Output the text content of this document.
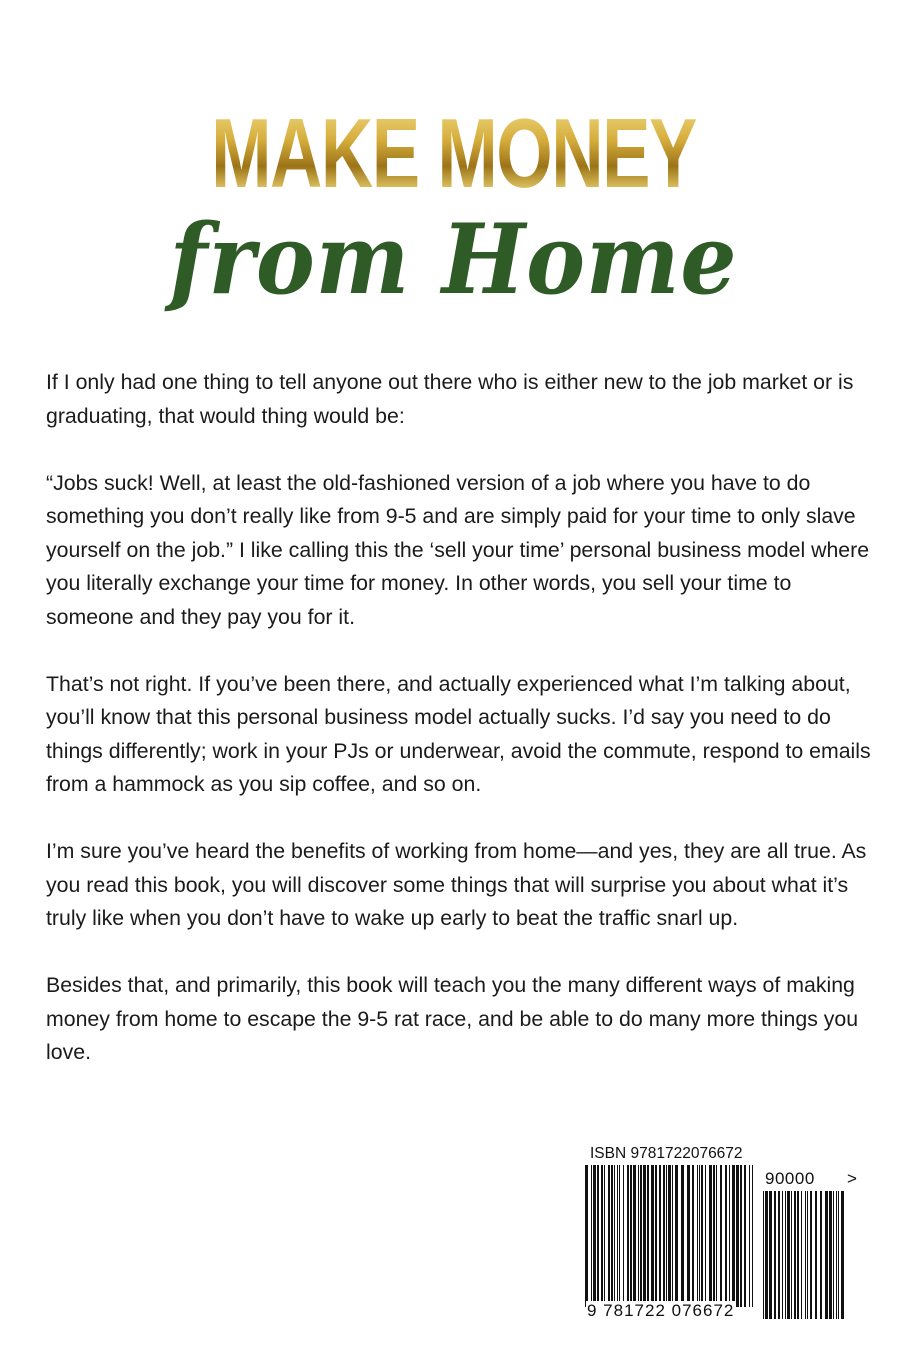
MAKE MONEY
from Home

If I only had one thing to tell anyone out there who is either new to the job market or is graduating, that would thing would be:

“Jobs suck! Well, at least the old-fashioned version of a job where you have to do something you don’t really like from 9-5 and are simply paid for your time to only slave yourself on the job.” I like calling this the ‘sell your time’ personal business model where you literally exchange your time for money. In other words, you sell your time to someone and they pay you for it.

That’s not right. If you’ve been there, and actually experienced what I’m talking about, you’ll know that this personal business model actually sucks. I’d say you need to do things differently; work in your PJs or underwear, avoid the commute, respond to emails from a hammock as you sip coffee, and so on.

I’m sure you’ve heard the benefits of working from home—and yes, they are all true. As you read this book, you will discover some things that will surprise you about what it’s truly like when you don’t have to wake up early to beat the traffic snarl up.

Besides that, and primarily, this book will teach you the many different ways of making money from home to escape the 9-5 rat race, and be able to do many more things you love.

ISBN 9781722076672
90000 >
9 781722 076672
